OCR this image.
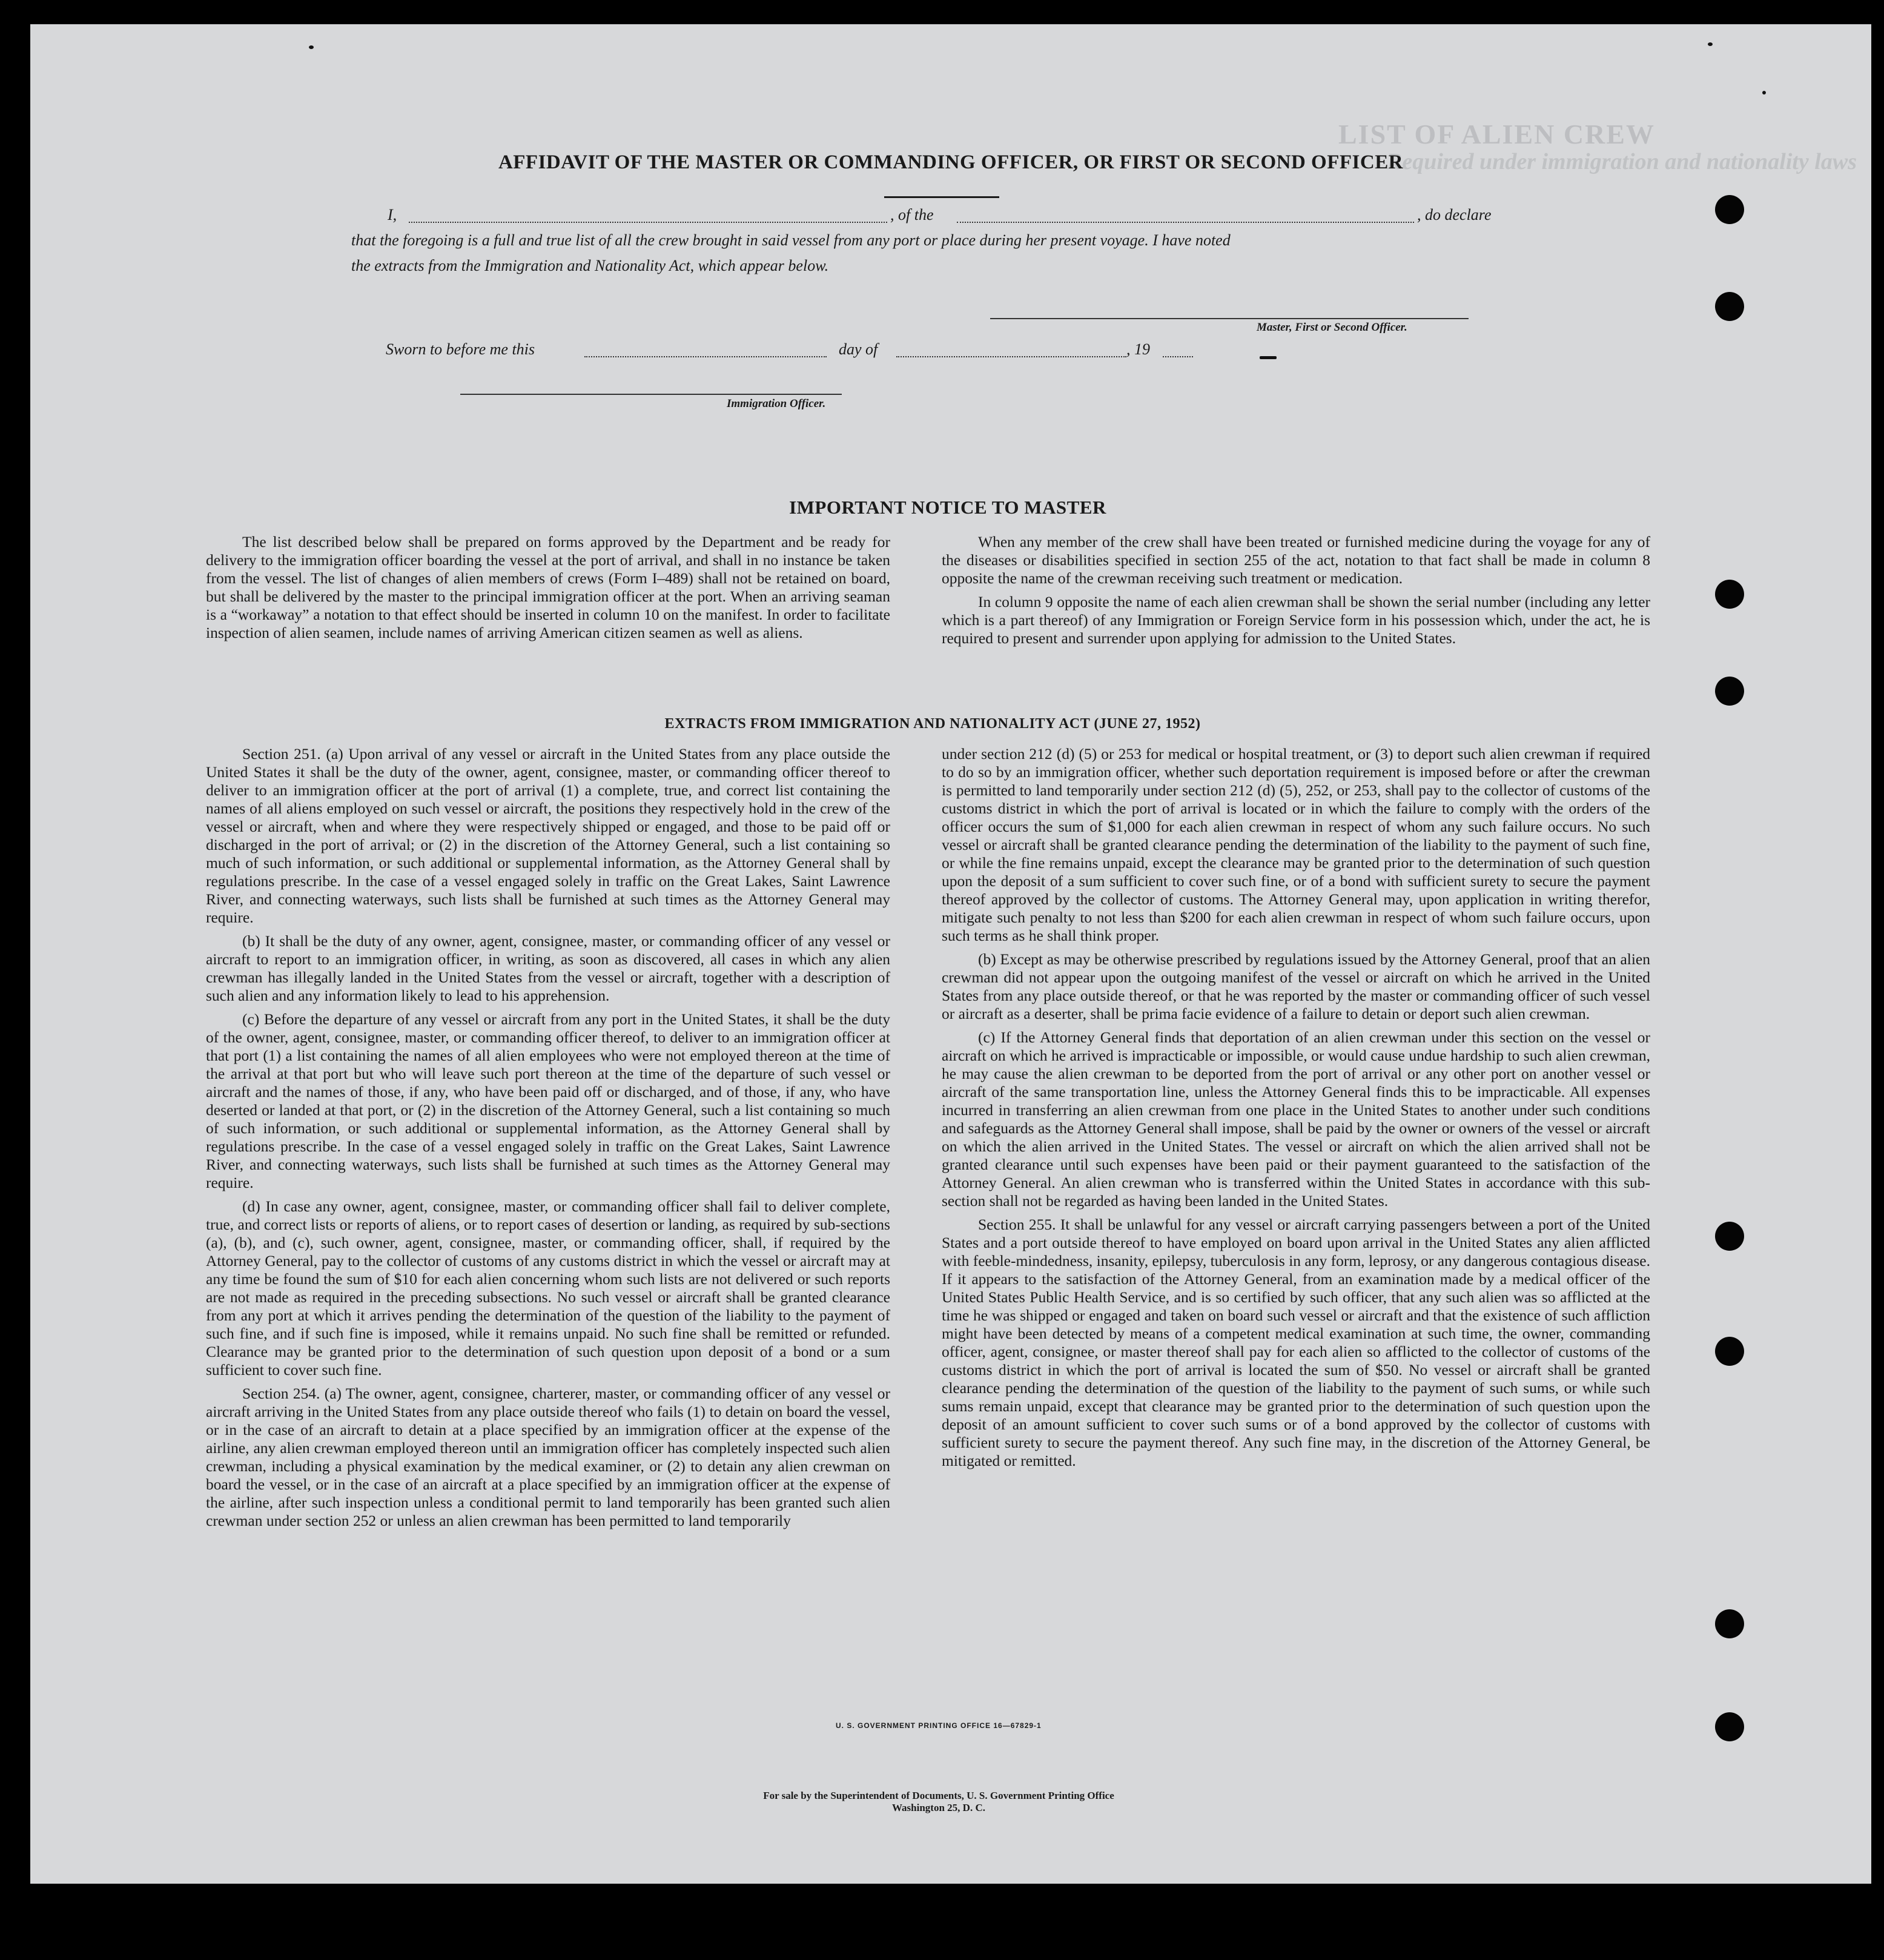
LIST OF ALIEN CREW
Required under immigration and nationality laws
AFFIDAVIT OF THE MASTER OR COMMANDING OFFICER, OR FIRST OR SECOND OFFICER
I,	, of the	, do declare
that the foregoing is a full and true list of all the crew brought in said vessel from any port or place during her present voyage. I have noted
the extracts from the Immigration and Nationality Act, which appear below.
Master, First or Second Officer.
Sworn to before me this	day of	, 19
Immigration Officer.
IMPORTANT NOTICE TO MASTER

The list described below shall be prepared on forms approved by the Department and be ready for delivery to the immigration officer boarding the vessel at the port of arrival, and shall in no instance be taken from the vessel. The list of changes of alien members of crews (Form I–489) shall not be retained on board, but shall be delivered by the master to the principal immigration officer at the port. When an arriving seaman is a “workaway” a notation to that effect should be inserted in column 10 on the manifest. In order to facilitate inspection of alien seamen, include names of arriving American citizen seamen as well as aliens.

When any member of the crew shall have been treated or furnished medicine during the voyage for any of the diseases or disabilities specified in section 255 of the act, notation to that fact shall be made in column 8 opposite the name of the crewman receiving such treatment or medication.

In column 9 opposite the name of each alien crewman shall be shown the serial number (including any letter which is a part thereof) of any Immigration or Foreign Service form in his possession which, under the act, he is required to present and surrender upon applying for admission to the United States.

EXTRACTS FROM IMMIGRATION AND NATIONALITY ACT (JUNE 27, 1952)

Section 251. (a) Upon arrival of any vessel or aircraft in the United States from any place outside the United States it shall be the duty of the owner, agent, consignee, master, or commanding officer thereof to deliver to an immigration officer at the port of arrival (1) a complete, true, and correct list containing the names of all aliens employed on such vessel or aircraft, the positions they respectively hold in the crew of the vessel or aircraft, when and where they were respectively shipped or engaged, and those to be paid off or discharged in the port of arrival; or (2) in the discretion of the Attorney General, such a list containing so much of such information, or such additional or supplemental information, as the Attorney General shall by regulations prescribe. In the case of a vessel engaged solely in traffic on the Great Lakes, Saint Lawrence River, and connecting waterways, such lists shall be furnished at such times as the Attorney General may require.

(b) It shall be the duty of any owner, agent, consignee, master, or commanding officer of any vessel or aircraft to report to an immigration officer, in writing, as soon as discovered, all cases in which any alien crewman has illegally landed in the United States from the vessel or aircraft, together with a description of such alien and any information likely to lead to his apprehension.

(c) Before the departure of any vessel or aircraft from any port in the United States, it shall be the duty of the owner, agent, consignee, master, or commanding officer thereof, to deliver to an immigration officer at that port (1) a list containing the names of all alien employees who were not employed thereon at the time of the arrival at that port but who will leave such port thereon at the time of the departure of such vessel or aircraft and the names of those, if any, who have been paid off or discharged, and of those, if any, who have deserted or landed at that port, or (2) in the discretion of the Attorney General, such a list containing so much of such information, or such additional or supplemental information, as the Attorney General shall by regulations prescribe. In the case of a vessel engaged solely in traffic on the Great Lakes, Saint Lawrence River, and connecting waterways, such lists shall be furnished at such times as the Attorney General may require.

(d) In case any owner, agent, consignee, master, or commanding officer shall fail to deliver complete, true, and correct lists or reports of aliens, or to report cases of desertion or landing, as required by sub-sections (a), (b), and (c), such owner, agent, consignee, master, or commanding officer, shall, if required by the Attorney General, pay to the collector of customs of any customs district in which the vessel or aircraft may at any time be found the sum of $10 for each alien concerning whom such lists are not delivered or such reports are not made as required in the preceding subsections. No such vessel or aircraft shall be granted clearance from any port at which it arrives pending the determination of the question of the liability to the payment of such fine, and if such fine is imposed, while it remains unpaid. No such fine shall be remitted or refunded. Clearance may be granted prior to the determination of such question upon deposit of a bond or a sum sufficient to cover such fine.

Section 254. (a) The owner, agent, consignee, charterer, master, or commanding officer of any vessel or aircraft arriving in the United States from any place outside thereof who fails (1) to detain on board the vessel, or in the case of an aircraft to detain at a place specified by an immigration officer at the expense of the airline, any alien crewman employed thereon until an immigration officer has completely inspected such alien crewman, including a physical examination by the medical examiner, or (2) to detain any alien crewman on board the vessel, or in the case of an aircraft at a place specified by an immigration officer at the expense of the airline, after such inspection unless a conditional permit to land temporarily has been granted such alien crewman under section 252 or unless an alien crewman has been permitted to land temporarily

under section 212 (d) (5) or 253 for medical or hospital treatment, or (3) to deport such alien crewman if required to do so by an immigration officer, whether such deportation requirement is imposed before or after the crewman is permitted to land temporarily under section 212 (d) (5), 252, or 253, shall pay to the collector of customs of the customs district in which the port of arrival is located or in which the failure to comply with the orders of the officer occurs the sum of $1,000 for each alien crewman in respect of whom any such failure occurs. No such vessel or aircraft shall be granted clearance pending the determination of the liability to the payment of such fine, or while the fine remains unpaid, except the clearance may be granted prior to the determination of such question upon the deposit of a sum sufficient to cover such fine, or of a bond with sufficient surety to secure the payment thereof approved by the collector of customs. The Attorney General may, upon application in writing therefor, mitigate such penalty to not less than $200 for each alien crewman in respect of whom such failure occurs, upon such terms as he shall think proper.

(b) Except as may be otherwise prescribed by regulations issued by the Attorney General, proof that an alien crewman did not appear upon the outgoing manifest of the vessel or aircraft on which he arrived in the United States from any place outside thereof, or that he was reported by the master or commanding officer of such vessel or aircraft as a deserter, shall be prima facie evidence of a failure to detain or deport such alien crewman.

(c) If the Attorney General finds that deportation of an alien crewman under this section on the vessel or aircraft on which he arrived is impracticable or impossible, or would cause undue hardship to such alien crewman, he may cause the alien crewman to be deported from the port of arrival or any other port on another vessel or aircraft of the same transportation line, unless the Attorney General finds this to be impracticable. All expenses incurred in transferring an alien crewman from one place in the United States to another under such conditions and safeguards as the Attorney General shall impose, shall be paid by the owner or owners of the vessel or aircraft on which the alien arrived in the United States. The vessel or aircraft on which the alien arrived shall not be granted clearance until such expenses have been paid or their payment guaranteed to the satisfaction of the Attorney General. An alien crewman who is transferred within the United States in accordance with this sub-section shall not be regarded as having been landed in the United States.

Section 255. It shall be unlawful for any vessel or aircraft carrying passengers between a port of the United States and a port outside thereof to have employed on board upon arrival in the United States any alien afflicted with feeble-mindedness, insanity, epilepsy, tuberculosis in any form, leprosy, or any dangerous contagious disease. If it appears to the satisfaction of the Attorney General, from an examination made by a medical officer of the United States Public Health Service, and is so certified by such officer, that any such alien was so afflicted at the time he was shipped or engaged and taken on board such vessel or aircraft and that the existence of such affliction might have been detected by means of a competent medical examination at such time, the owner, commanding officer, agent, consignee, or master thereof shall pay for each alien so afflicted to the collector of customs of the customs district in which the port of arrival is located the sum of $50. No vessel or aircraft shall be granted clearance pending the determination of the question of the liability to the payment of such sums, or while such sums remain unpaid, except that clearance may be granted prior to the determination of such question upon the deposit of an amount sufficient to cover such sums or of a bond approved by the collector of customs with sufficient surety to secure the payment thereof. Any such fine may, in the discretion of the Attorney General, be mitigated or remitted.

U. S. GOVERNMENT PRINTING OFFICE 16—67829-1
For sale by the Superintendent of Documents, U. S. Government Printing Office
Washington 25, D. C.
